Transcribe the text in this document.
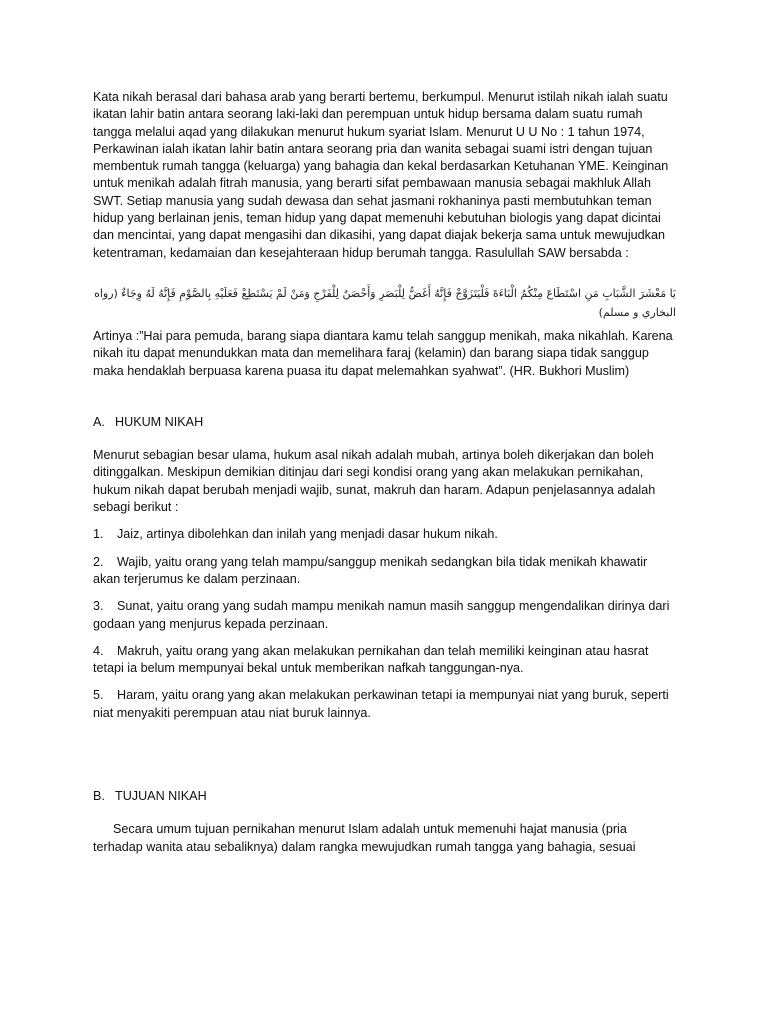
Kata nikah berasal dari bahasa arab yang berarti bertemu, berkumpul. Menurut istilah nikah ialah suatu ikatan lahir batin antara seorang laki-laki dan perempuan untuk hidup bersama dalam suatu rumah tangga melalui aqad yang dilakukan menurut hukum syariat Islam. Menurut U U No : 1 tahun 1974, Perkawinan ialah ikatan lahir batin antara seorang pria dan wanita sebagai suami istri dengan tujuan membentuk rumah tangga (keluarga) yang bahagia dan kekal berdasarkan Ketuhanan YME. Keinginan untuk menikah adalah fitrah manusia, yang berarti sifat pembawaan manusia sebagai makhluk Allah SWT. Setiap manusia yang sudah dewasa dan sehat jasmani rokhaninya pasti membutuhkan teman hidup yang berlainan jenis, teman hidup yang dapat memenuhi kebutuhan biologis yang dapat dicintai dan mencintai, yang dapat mengasihi dan dikasihi, yang dapat diajak bekerja sama untuk mewujudkan ketentraman, kedamaian dan kesejahteraan hidup berumah tangga. Rasulullah SAW bersabda :

يَا مَعْشَرَ الشَّبَابِ مَنِ اسْتَطَاعَ مِنْكُمُ الْبَاءَةَ فَلْيَتَزَوَّجْ فَإِنَّهُ أَغَضُّ لِلْبَصَرِ وَأَحْصَنُ لِلْفَرْجِ وَمَنْ لَمْ يَسْتَطِعْ فَعَلَيْهِ بِالصَّوْمِ فَإِنَّهُ لَهُ وِجَاءٌ (رواه البخاري و مسلم)

Artinya :”Hai para pemuda, barang siapa diantara kamu telah sanggup menikah, maka nikahlah. Karena nikah itu dapat menundukkan mata dan memelihara faraj (kelamin) dan barang siapa tidak sanggup maka hendaklah berpuasa karena puasa itu dapat melemahkan syahwat”. (HR. Bukhori Muslim)

A. HUKUM NIKAH

Menurut sebagian besar ulama, hukum asal nikah adalah mubah, artinya boleh dikerjakan dan boleh ditinggalkan. Meskipun demikian ditinjau dari segi kondisi orang yang akan melakukan pernikahan, hukum nikah dapat berubah menjadi wajib, sunat, makruh dan haram. Adapun penjelasannya adalah sebagi berikut :

1. Jaiz, artinya dibolehkan dan inilah yang menjadi dasar hukum nikah.

2. Wajib, yaitu orang yang telah mampu/sanggup menikah sedangkan bila tidak menikah khawatir akan terjerumus ke dalam perzinaan.

3. Sunat, yaitu orang yang sudah mampu menikah namun masih sanggup mengendalikan dirinya dari godaan yang menjurus kepada perzinaan.

4. Makruh, yaitu orang yang akan melakukan pernikahan dan telah memiliki keinginan atau hasrat tetapi ia belum mempunyai bekal untuk memberikan nafkah tanggungan-nya.

5. Haram, yaitu orang yang akan melakukan perkawinan tetapi ia mempunyai niat yang buruk, seperti niat menyakiti perempuan atau niat buruk lainnya.

B. TUJUAN NIKAH

Secara umum tujuan pernikahan menurut Islam adalah untuk memenuhi hajat manusia (pria terhadap wanita atau sebaliknya) dalam rangka mewujudkan rumah tangga yang bahagia, sesuai
